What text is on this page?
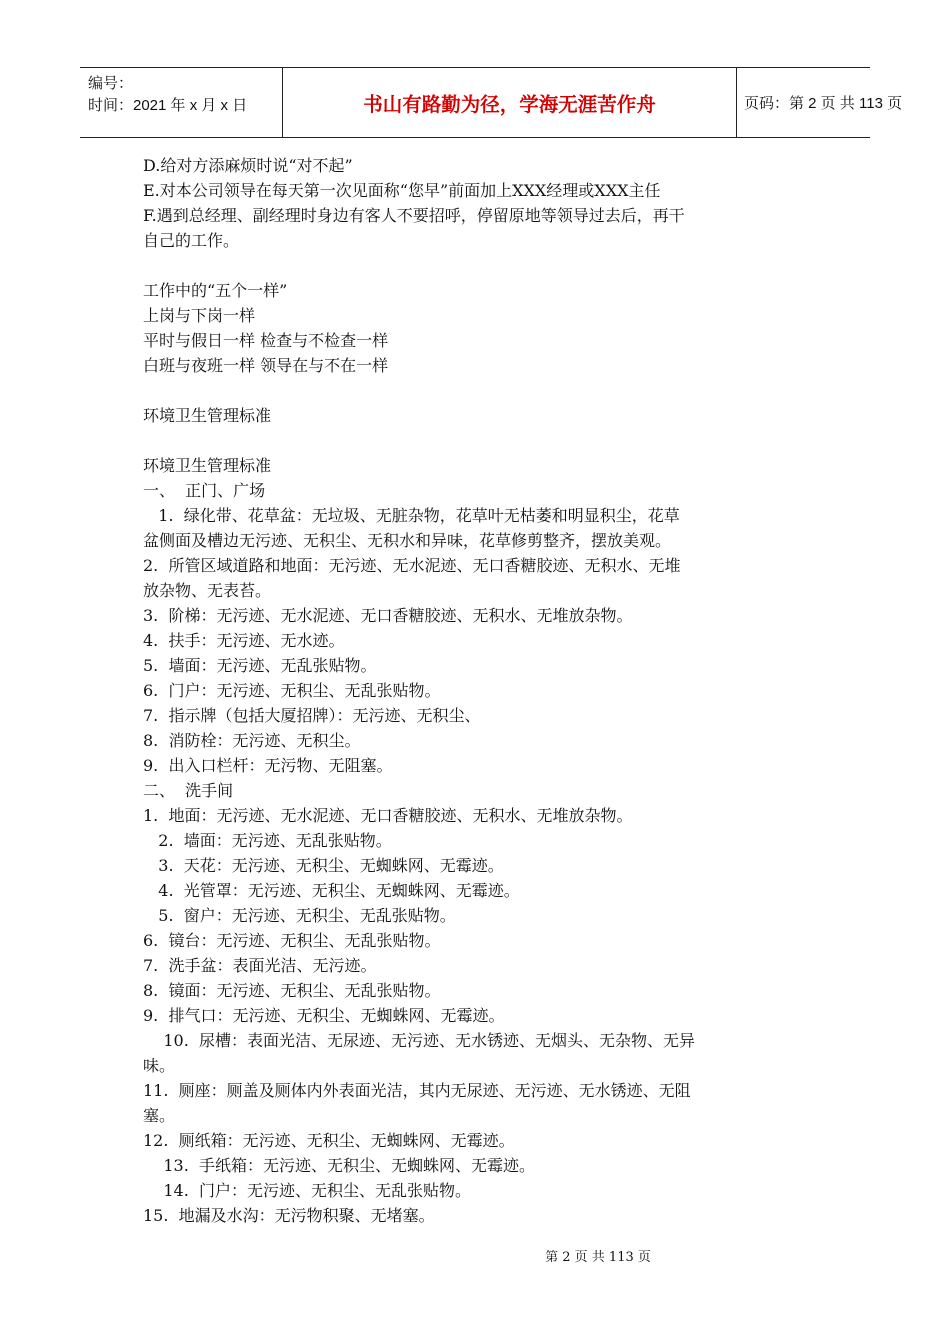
编号：
时间：2021 年 x 月 x 日	书山有路勤为径，学海无涯苦作舟	页码：第 2 页 共 113 页
D.给对方添麻烦时说“对不起”
E.对本公司领导在每天第一次见面称“您早”前面加上XXX经理或XXX主任
F.遇到总经理、副经理时身边有客人不要招呼，停留原地等领导过去后，再干
自己的工作。
工作中的“五个一样”
上岗与下岗一样
平时与假日一样 检查与不检查一样
白班与夜班一样 领导在与不在一样
环境卫生管理标准
环境卫生管理标准
一、  正门、广场
1.  绿化带、花草盆：无垃圾、无脏杂物，花草叶无枯萎和明显积尘，花草
盆侧面及槽边无污迹、无积尘、无积水和异味，花草修剪整齐，摆放美观。
2.  所管区域道路和地面：无污迹、无水泥迹、无口香糖胶迹、无积水、无堆
放杂物、无表苔。
3.  阶梯：无污迹、无水泥迹、无口香糖胶迹、无积水、无堆放杂物。
4.  扶手：无污迹、无水迹。
5.  墙面：无污迹、无乱张贴物。
6.  门户：无污迹、无积尘、无乱张贴物。
7.  指示牌（包括大厦招牌）：无污迹、无积尘、
8.  消防栓：无污迹、无积尘。
9.  出入口栏杆：无污物、无阻塞。
二、  洗手间
1.  地面：无污迹、无水泥迹、无口香糖胶迹、无积水、无堆放杂物。
2.  墙面：无污迹、无乱张贴物。
3.  天花：无污迹、无积尘、无蜘蛛网、无霉迹。
4.  光管罩：无污迹、无积尘、无蜘蛛网、无霉迹。
5.  窗户：无污迹、无积尘、无乱张贴物。
6.  镜台：无污迹、无积尘、无乱张贴物。
7.  洗手盆：表面光洁、无污迹。
8.  镜面：无污迹、无积尘、无乱张贴物。
9.  排气口：无污迹、无积尘、无蜘蛛网、无霉迹。
10.  尿槽：表面光洁、无尿迹、无污迹、无水锈迹、无烟头、无杂物、无异
味。
11.  厕座：厕盖及厕体内外表面光洁，其内无尿迹、无污迹、无水锈迹、无阻
塞。
12.  厕纸箱：无污迹、无积尘、无蜘蛛网、无霉迹。
13.  手纸箱：无污迹、无积尘、无蜘蛛网、无霉迹。
14.  门户：无污迹、无积尘、无乱张贴物。
15.  地漏及水沟：无污物积聚、无堵塞。
第 2 页 共 113 页
